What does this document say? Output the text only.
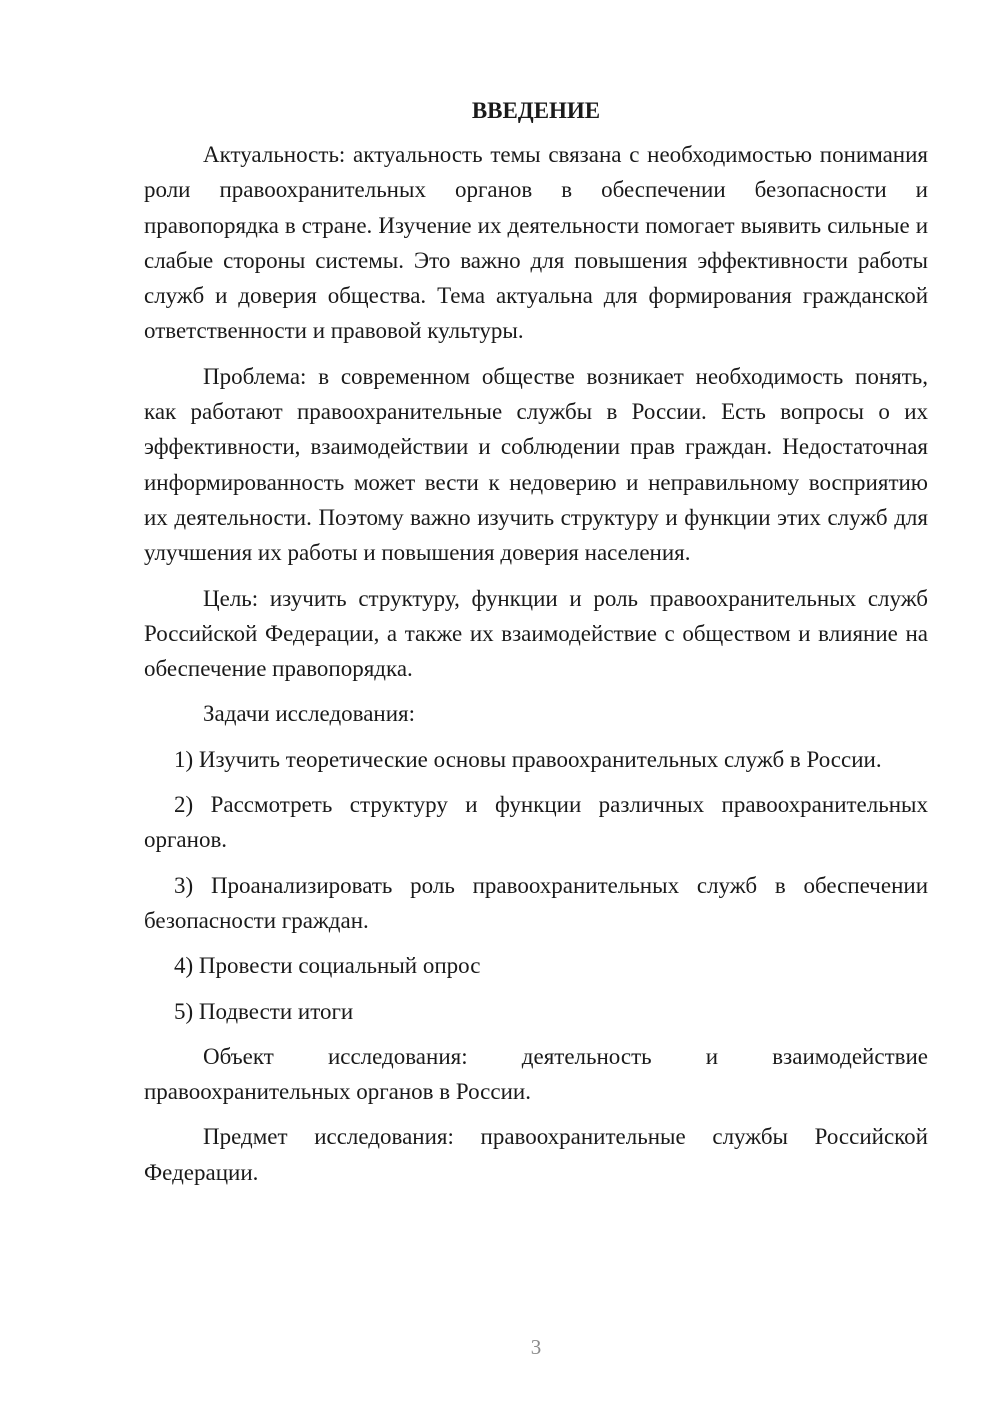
ВВЕДЕНИЕ

Актуальность: актуальность темы связана с необходимостью понимания роли правоохранительных органов в обеспечении безопасности и правопорядка в стране. Изучение их деятельности помогает выявить сильные и слабые стороны системы. Это важно для повышения эффективности работы служб и доверия общества. Тема актуальна для формирования гражданской ответственности и правовой культуры.

Проблема: в современном обществе возникает необходимость понять, как работают правоохранительные службы в России. Есть вопросы о их эффективности, взаимодействии и соблюдении прав граждан. Недостаточная информированность может вести к недоверию и неправильному восприятию их деятельности. Поэтому важно изучить структуру и функции этих служб для улучшения их работы и повышения доверия населения.

Цель: изучить структуру, функции и роль правоохранительных служб Российской Федерации, а также их взаимодействие с обществом и влияние на обеспечение правопорядка.

Задачи исследования:

1) Изучить теоретические основы правоохранительных служб в России.

2) Рассмотреть структуру и функции различных правоохранительных органов.

3) Проанализировать роль правоохранительных служб в обеспечении безопасности граждан.

4) Провести социальный опрос

5) Подвести итоги

Объект исследования: деятельность и взаимодействие правоохранительных органов в России.

Предмет исследования: правоохранительные службы Российской Федерации.

3
